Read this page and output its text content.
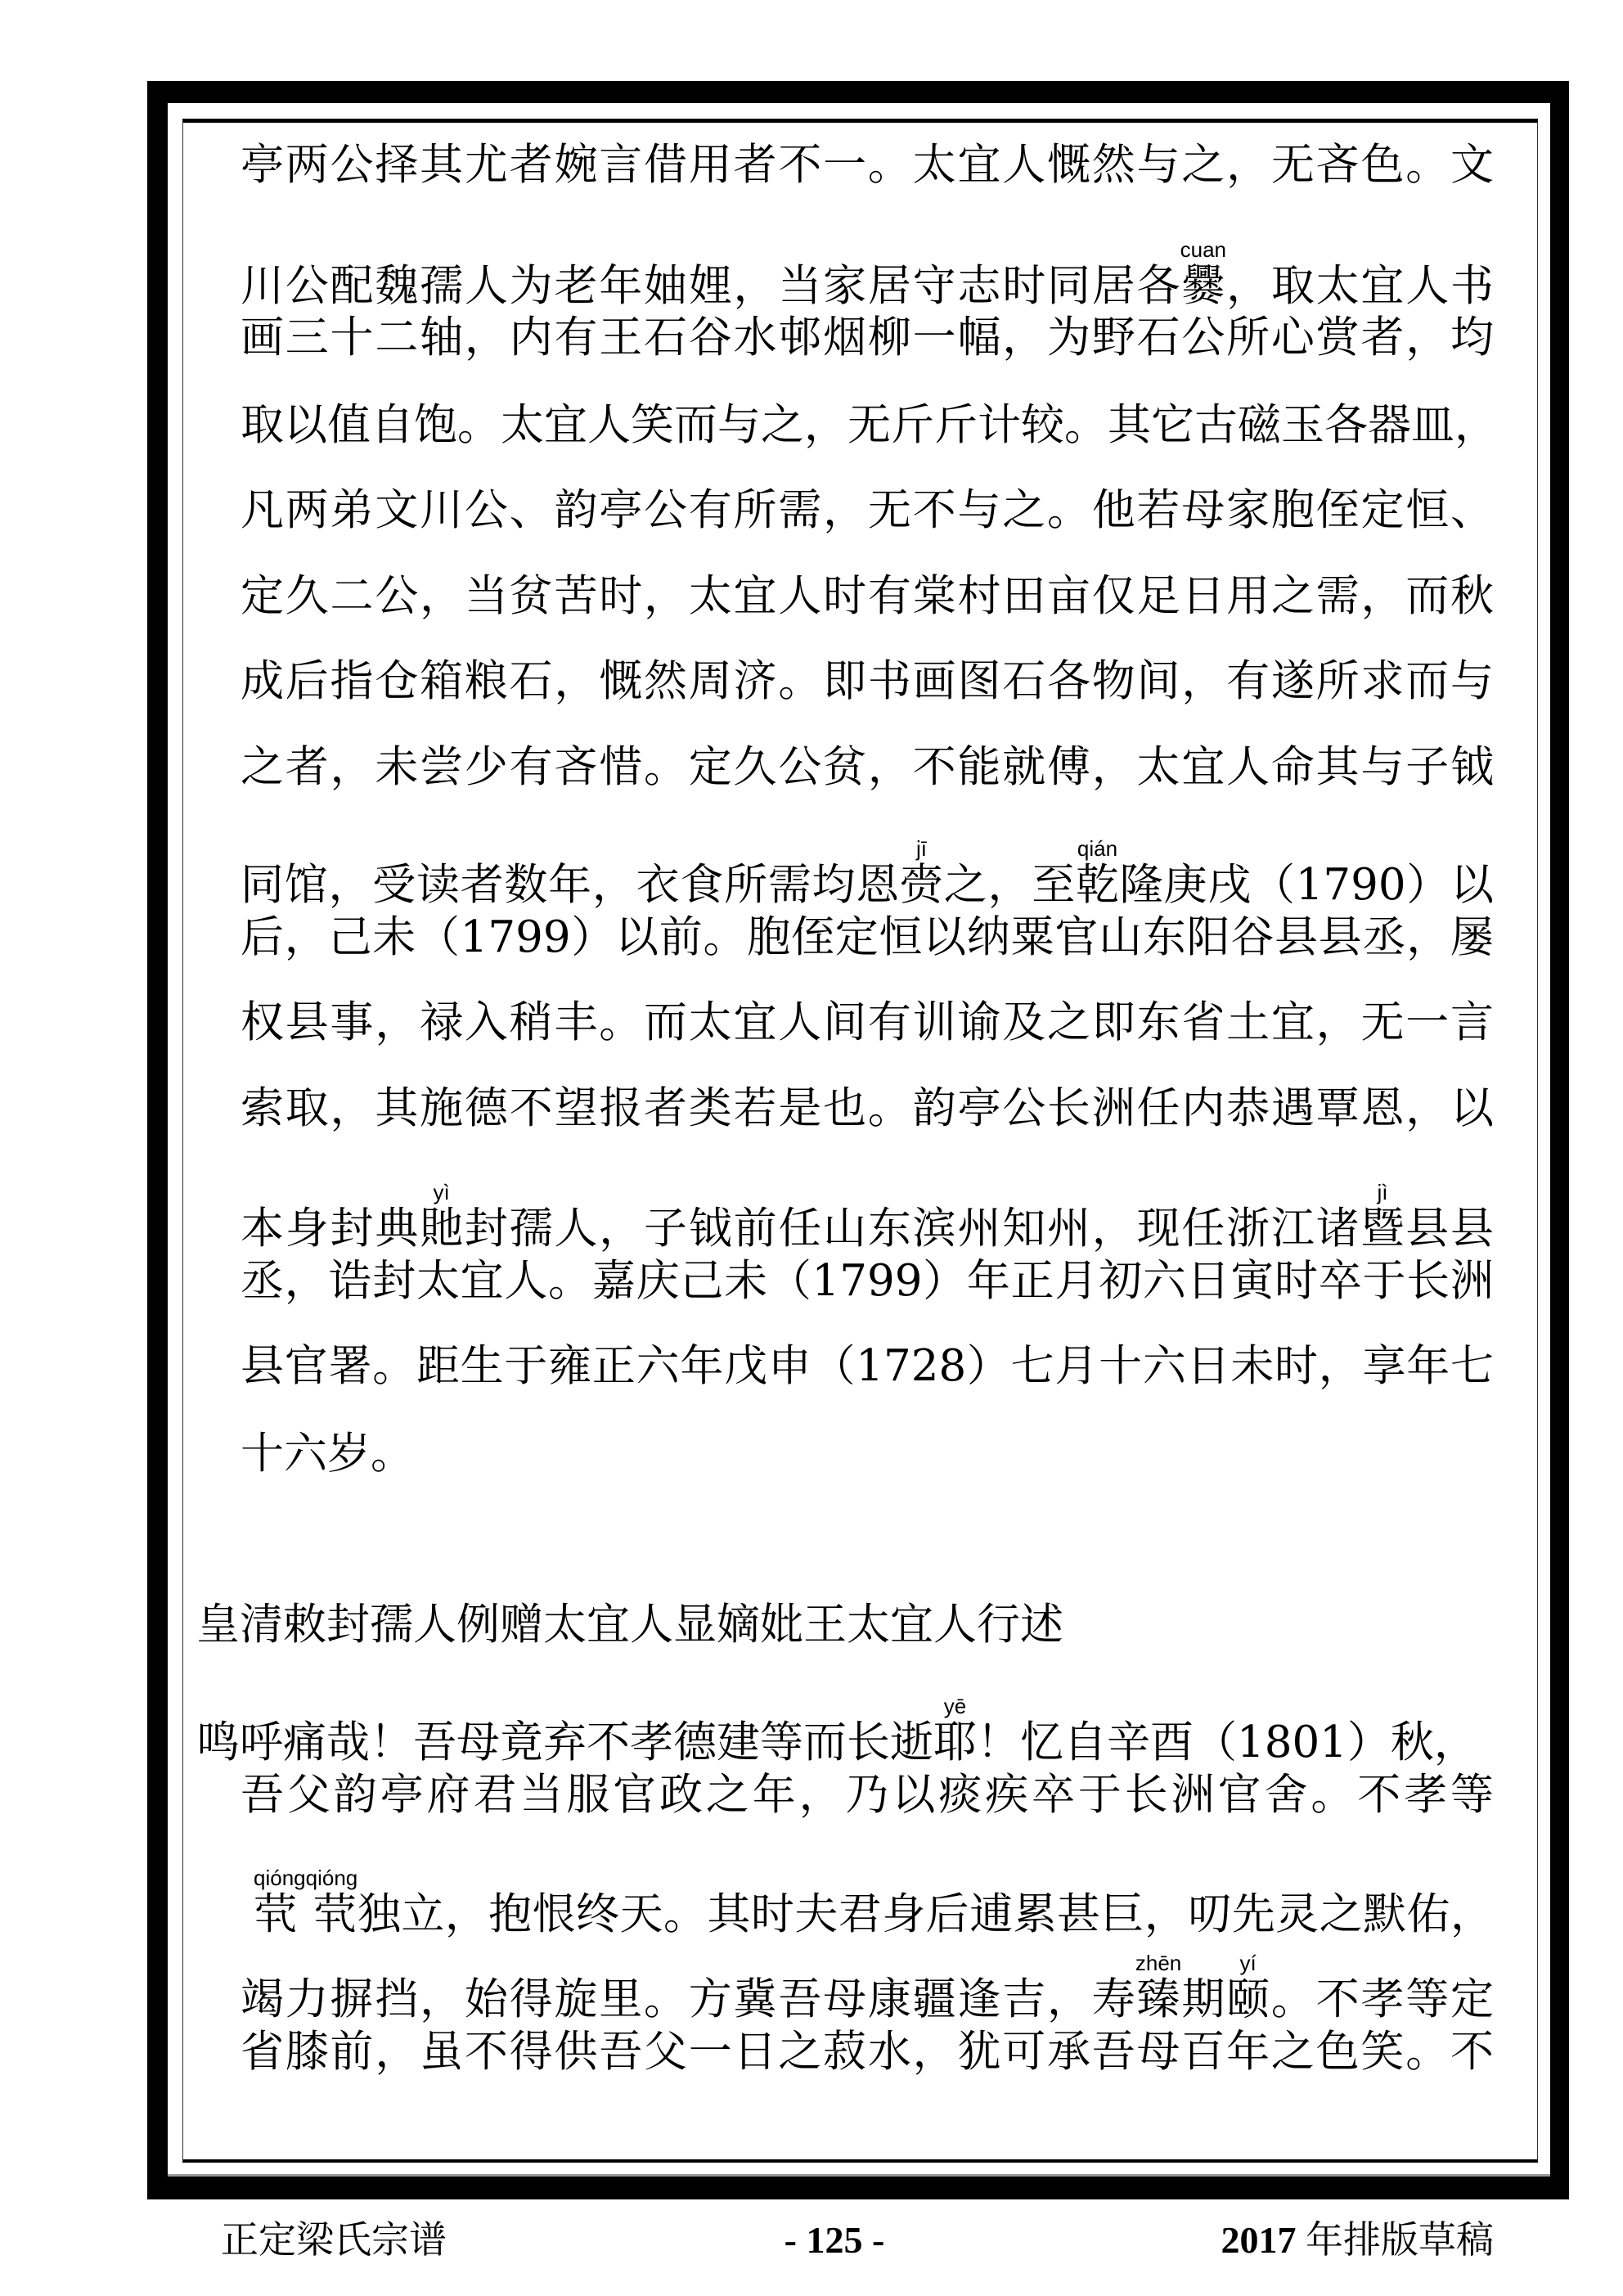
亭两公择其尤者婉言借用者不一。太宜人慨然与之，无吝色。文
川公配魏孺人为老年妯娌，当家居守志时同居各爨cuan，取太宜人书
画三十二轴，内有王石谷水邨烟柳一幅，为野石公所心赏者，均
取以值自饱。太宜人笑而与之，无斤斤计较。其它古磁玉各器皿，
凡两弟文川公、韵亭公有所需，无不与之。他若母家胞侄定恒、
定久二公，当贫苦时，太宜人时有棠村田亩仅足日用之需，而秋
成后指仓箱粮石，慨然周济。即书画图石各物间，有遂所求而与
之者，未尝少有吝惜。定久公贫，不能就傅，太宜人命其与子钺
同馆，受读者数年，衣食所需均恩赍jī之，至乾qián隆庚戌（1790）以
后，己未（1799）以前。胞侄定恒以纳粟官山东阳谷县县丞，屡
权县事，禄入稍丰。而太宜人间有训谕及之即东省土宜，无一言
索取，其施德不望报者类若是也。韵亭公长洲任内恭遇覃恩，以
本身封典貤yì封孺人，子钺前任山东滨州知州，现任浙江诸暨jì县县
丞，诰封太宜人。嘉庆己未（1799）年正月初六日寅时卒于长洲
县官署。距生于雍正六年戊申（1728）七月十六日未时，享年七
十六岁。
鸣呼痛哉！吾母竟弃不孝德建等而长逝耶yē！忆自辛酉（1801）秋，
吾父韵亭府君当服官政之年，乃以痰疾卒于长洲官舍。不孝等
茕 茕qióngqióng独立，抱恨终天。其时夫君身后逋累甚巨，叨先灵之默佑，
竭力摒挡，始得旋里。方冀吾母康疆逢吉，寿臻zhēn期颐yí。不孝等定
省膝前，虽不得供吾父一日之菽水，犹可承吾母百年之色笑。不
皇清敕封孺人例赠太宜人显嫡妣王太宜人行述
正定梁氏宗谱	- 125 -	2017 年排版草稿
